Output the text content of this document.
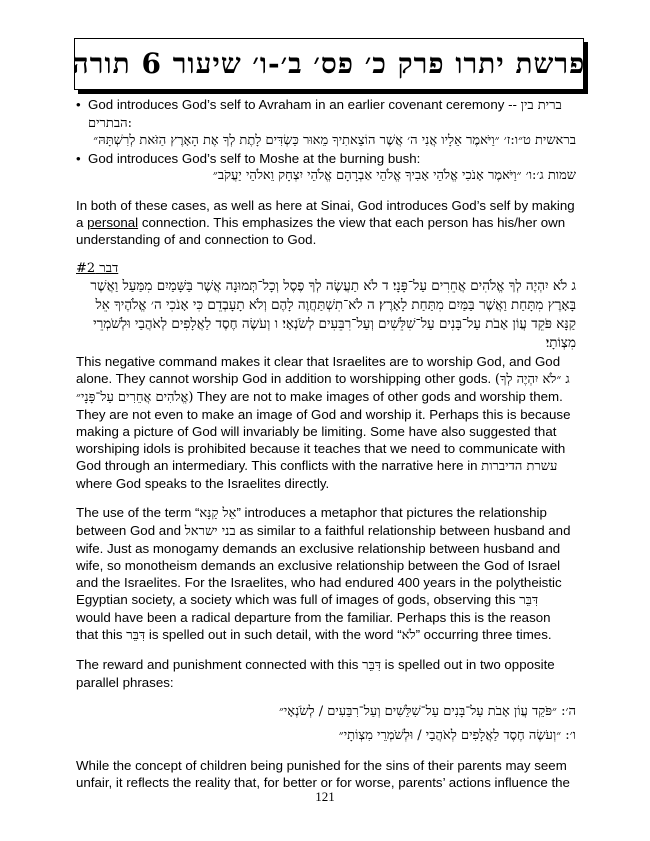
פרשת יתרו פרק כ׳ פס׳ ב׳-ו׳ שיעור 6 תורה
• God introduces God’s self to Avraham in an earlier covenant ceremony -- ברית בין הבתרים:

בראשית ט״ו:ז׳ ״וַיֹּאמֶר אֵלָיו אֲנִי ה׳ אֲשֶׁר הוֹצֵאתִיךָ מֵאוּר כַּשְׂדִּים לָתֶת לְךָ אֶת הָאָרֶץ הַזֹּאת לְרִשְׁתָּהּ״
• God introduces God’s self to Moshe at the burning bush:

שמות ג׳:ו׳ ״וַיֹּאמֶר אָנֹכִי אֱלֹהֵי אָבִיךָ אֱלֹהֵי אַבְרָהָם אֱלֹהֵי יִצְחָק וֵאלֹהֵי יַעֲקֹב״

In both of these cases, as well as here at Sinai, God introduces God’s self by making a personal connection. This emphasizes the view that each person has his/her own understanding of and connection to God.

דבר #2
ג לֹא יִהְיֶה לְךָ אֱלֹהִים אֲחֵרִים עַל־פָּנָי׃ ד לֹא תַעֲשֶׂה לְךָ פֶסֶל וְכָל־תְּמוּנָה אֲשֶׁר בַּשָּׁמַיִם מִמַּעַל וַאֲשֶׁר בָּאָרֶץ מִתָּחַת וַאֲשֶׁר בַּמַּיִם מִתַּחַת לָאָרֶץ׃ ה לֹא־תִשְׁתַּחֲוֶה לָהֶם וְלֹא תָעָבְדֵם כִּי אָנֹכִי ה׳ אֱלֹהֶיךָ אֵל קַנָּא פֹּקֵד עֲוֹן אָבֹת עַל־בָּנִים עַל־שִׁלֵּשִׁים וְעַל־רִבֵּעִים לְשֹׂנְאָי׃ ו וְעֹשֶׂה חֶסֶד לַאֲלָפִים לְאֹהֲבַי וּלְשֹׁמְרֵי מִצְוֹתָי׃

This negative command makes it clear that Israelites are to worship God, and God alone. They cannot worship God in addition to worshipping other gods. (ג ״לֹא יִהְיֶה לְךָ אֱלֹהִים אֲחֵרִים עַל־פָּנָי״) They are not to make images of other gods and worship them. They are not even to make an image of God and worship it. Perhaps this is because making a picture of God will invariably be limiting. Some have also suggested that worshiping idols is prohibited because it teaches that we need to communicate with God through an intermediary. This conflicts with the narrative here in עשרת הדיברות where God speaks to the Israelites directly.

The use of the term “אֵל קַנָּא” introduces a metaphor that pictures the relationship between God and בני ישראל as similar to a faithful relationship between husband and wife. Just as monogamy demands an exclusive relationship between husband and wife, so monotheism demands an exclusive relationship between the God of Israel and the Israelites. For the Israelites, who had endured 400 years in the polytheistic Egyptian society, a society which was full of images of gods, observing this דִּבֵּר would have been a radical departure from the familiar. Perhaps this is the reason that this דִּבֵּר is spelled out in such detail, with the word “לֹא” occurring three times.

The reward and punishment connected with this דִּבֵּר is spelled out in two opposite parallel phrases:

ה׳: ״פֹּקֵד עֲוֹן אָבֹת עַל־בָּנִים עַל־שִׁלֵּשִׁים וְעַל־רִבֵּעִים / לְשֹׂנְאָי״
ו׳: ״וְעֹשֶׂה חֶסֶד לַאֲלָפִים לְאֹהֲבַי / וּלְשֹׁמְרֵי מִצְוֹתָי״

While the concept of children being punished for the sins of their parents may seem unfair, it reflects the reality that, for better or for worse, parents’ actions influence the

121
